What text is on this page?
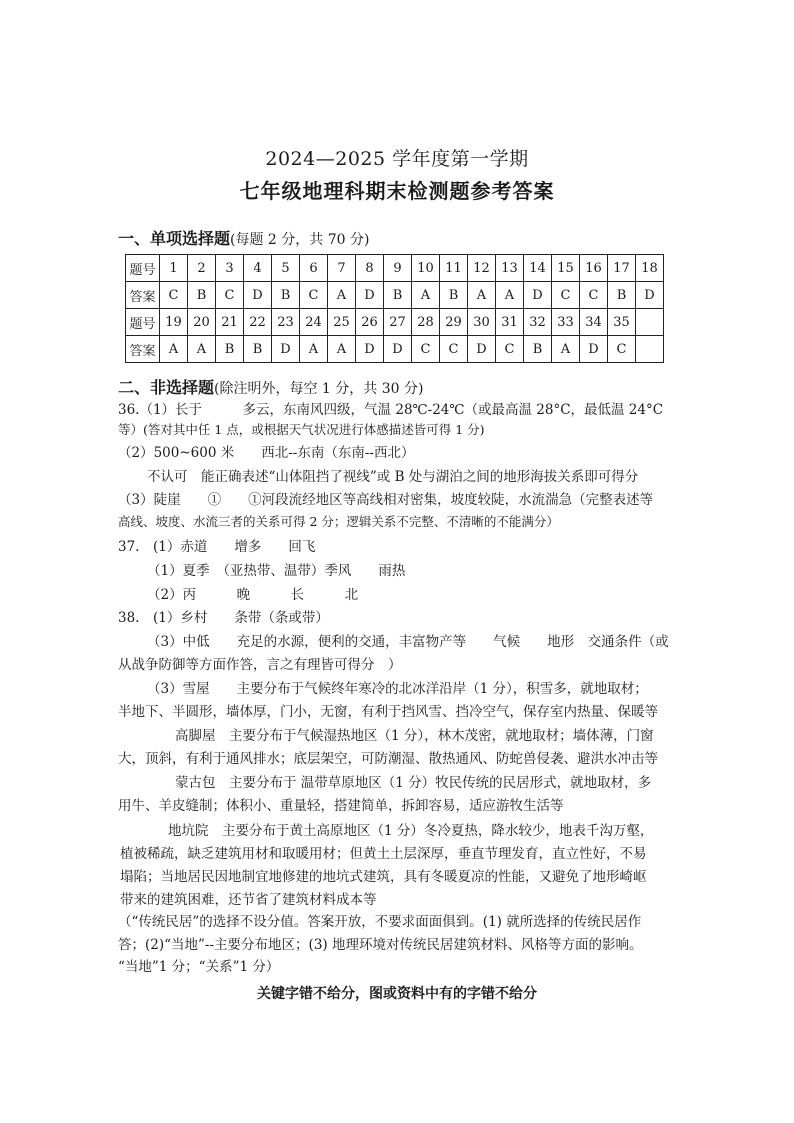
2024—2025 学年度第一学期
七年级地理科期末检测题参考答案
一、单项选择题(每题 2 分，共 70 分)
题号	1	2	3	4	5	6	7	8	9	10	11	12	13	14	15	16	17	18
答案	C	B	C	D	B	C	A	D	B	A	B	A	A	D	C	C	B	D
题号	19	20	21	22	23	24	25	26	27	28	29	30	31	32	33	34	35	
答案	A	A	B	B	D	A	A	D	D	C	C	D	C	B	A	D	C	
二、非选择题(除注明外，每空 1 分，共 30 分)
36.（1）长于　　　多云，东南风四级，气温 28℃-24℃（或最高温 28°C，最低温 24°C
等）(答对其中任 1 点，或根据天气状况进行体感描述皆可得 1 分)
（2）500~600 米　　西北--东南（东南--西北）
不认可　能正确表述“山体阻挡了视线”或 B 处与湖泊之间的地形海拔关系即可得分
（3）陡崖　　①　　①河段流经地区等高线相对密集，坡度较陡，水流湍急（完整表述等
高线、坡度、水流三者的关系可得 2 分；逻辑关系不完整、不清晰的不能满分）
37.　(1）赤道　　增多　　回飞
（1）夏季　（亚热带、温带）季风　　雨热
（2）丙　　　晚　　　长　　　北
38.　(1）乡村　　条带（条或带）
（3）中低　　充足的水源，便利的交通，丰富物产等　　气候　　地形　交通条件（或
从战争防御等方面作答，言之有理皆可得分　）
（3）雪屋　　主要分布于气候终年寒冷的北冰洋沿岸（1 分），积雪多，就地取材；
半地下、半圆形，墙体厚，门小，无窗，有利于挡风雪、挡冷空气，保存室内热量、保暖等
高脚屋　主要分布于气候湿热地区（1 分），林木茂密，就地取材；墙体薄，门窗
大，顶斜，有利于通风排水；底层架空，可防潮湿、散热通风、防蛇兽侵袭、避洪水冲击等
蒙古包　主要分布于 温带草原地区（1 分）牧民传统的民居形式，就地取材，多
用牛、羊皮缝制；体积小、重量轻，搭建简单，拆卸容易，适应游牧生活等
地坑院　主要分布于黄土高原地区（1 分）冬冷夏热，降水较少，地表千沟万壑，
植被稀疏，缺乏建筑用材和取暖用材；但黄土土层深厚，垂直节理发育，直立性好，不易
塌陷；当地居民因地制宜地修建的地坑式建筑，具有冬暖夏凉的性能，又避免了地形崎岖
带来的建筑困难，还节省了建筑材料成本等
（“传统民居”的选择不设分值。答案开放，不要求面面俱到。(1) 就所选择的传统民居作
答；(2)“当地”--主要分布地区；(3) 地理环境对传统民居建筑材料、风格等方面的影响。
“当地”1 分；“关系”1 分）
关键字错不给分，图或资料中有的字错不给分
